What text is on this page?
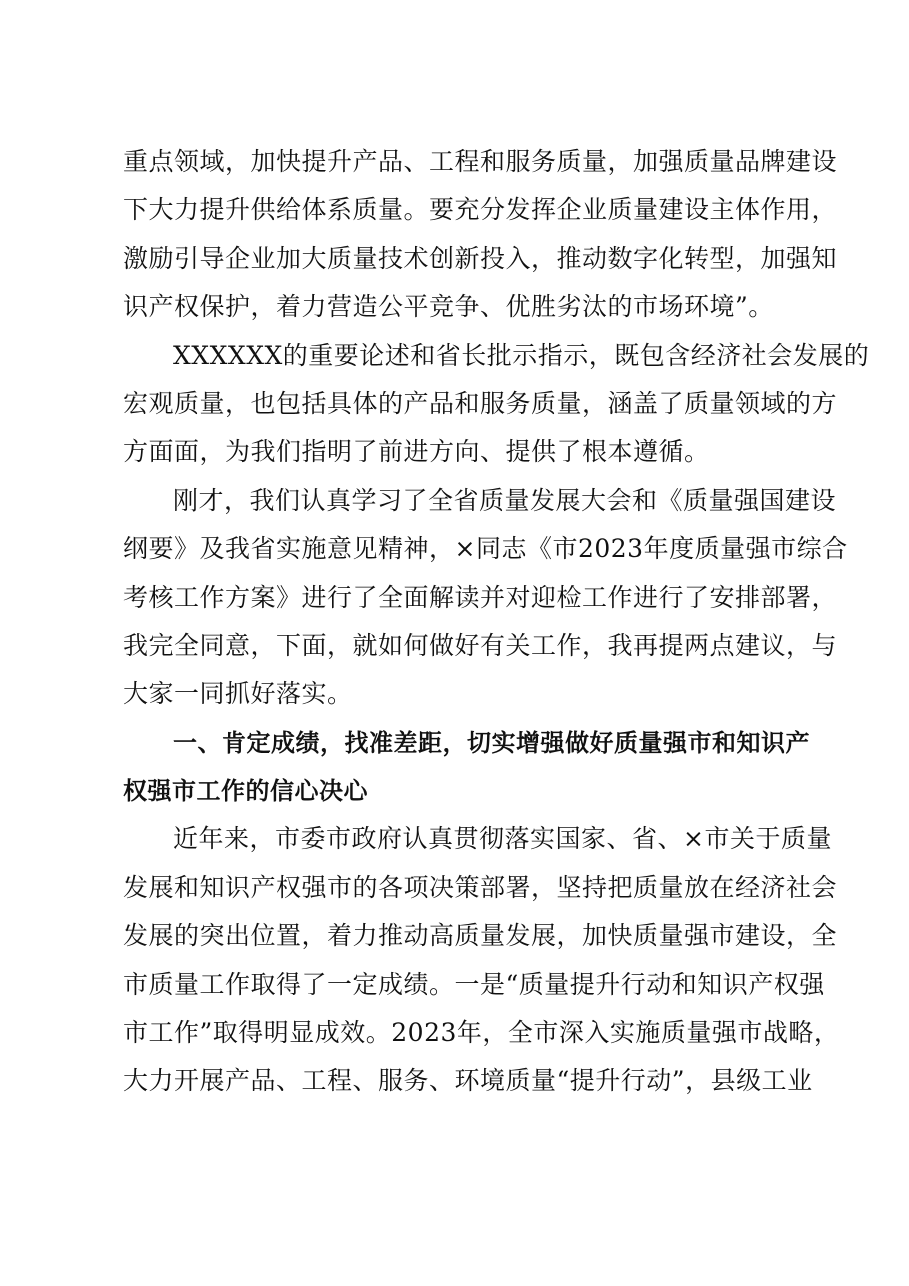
重点领域，加快提升产品、工程和服务质量，加强质量品牌建设
下大力提升供给体系质量。要充分发挥企业质量建设主体作用，
激励引导企业加大质量技术创新投入，推动数字化转型，加强知
识产权保护，着力营造公平竞争、优胜劣汰的市场环境”。
XXXXXX的重要论述和省长批示指示，既包含经济社会发展的
宏观质量，也包括具体的产品和服务质量，涵盖了质量领域的方
方面面，为我们指明了前进方向、提供了根本遵循。
刚才，我们认真学习了全省质量发展大会和《质量强国建设
纲要》及我省实施意见精神，×同志《市2023年度质量强市综合
考核工作方案》进行了全面解读并对迎检工作进行了安排部署，
我完全同意，下面，就如何做好有关工作，我再提两点建议，与
大家一同抓好落实。
一、肯定成绩，找准差距，切实增强做好质量强市和知识产
权强市工作的信心决心
近年来，市委市政府认真贯彻落实国家、省、×市关于质量
发展和知识产权强市的各项决策部署，坚持把质量放在经济社会
发展的突出位置，着力推动高质量发展，加快质量强市建设，全
市质量工作取得了一定成绩。一是“质量提升行动和知识产权强
市工作”取得明显成效。2023年，全市深入实施质量强市战略，
大力开展产品、工程、服务、环境质量“提升行动”，县级工业
